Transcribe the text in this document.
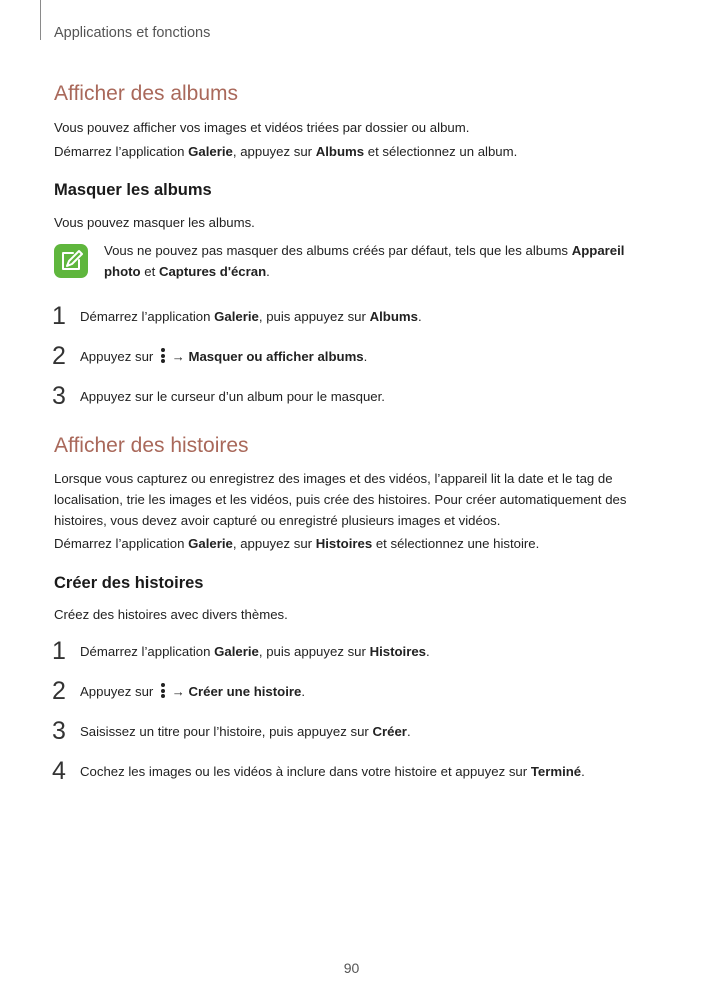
Applications et fonctions
Afficher des albums

Vous pouvez afficher vos images et vidéos triées par dossier ou album.

Démarrez l’application Galerie, appuyez sur Albums et sélectionnez un album.

Masquer les albums

Vous pouvez masquer les albums.

Vous ne pouvez pas masquer des albums créés par défaut, tels que les albums Appareil photo et Captures d'écran.
1 Démarrez l’application Galerie, puis appuyez sur Albums.
2 Appuyez sur
→ Masquer ou afficher albums.
3 Appuyez sur le curseur d’un album pour le masquer.
Afficher des histoires

Lorsque vous capturez ou enregistrez des images et des vidéos, l’appareil lit la date et le tag de localisation, trie les images et les vidéos, puis crée des histoires. Pour créer automatiquement des histoires, vous devez avoir capturé ou enregistré plusieurs images et vidéos.

Démarrez l’application Galerie, appuyez sur Histoires et sélectionnez une histoire.

Créer des histoires

Créez des histoires avec divers thèmes.

1 Démarrez l’application Galerie, puis appuyez sur Histoires.
2 Appuyez sur
→ Créer une histoire.
3 Saisissez un titre pour l’histoire, puis appuyez sur Créer.
4 Cochez les images ou les vidéos à inclure dans votre histoire et appuyez sur Terminé.
90
